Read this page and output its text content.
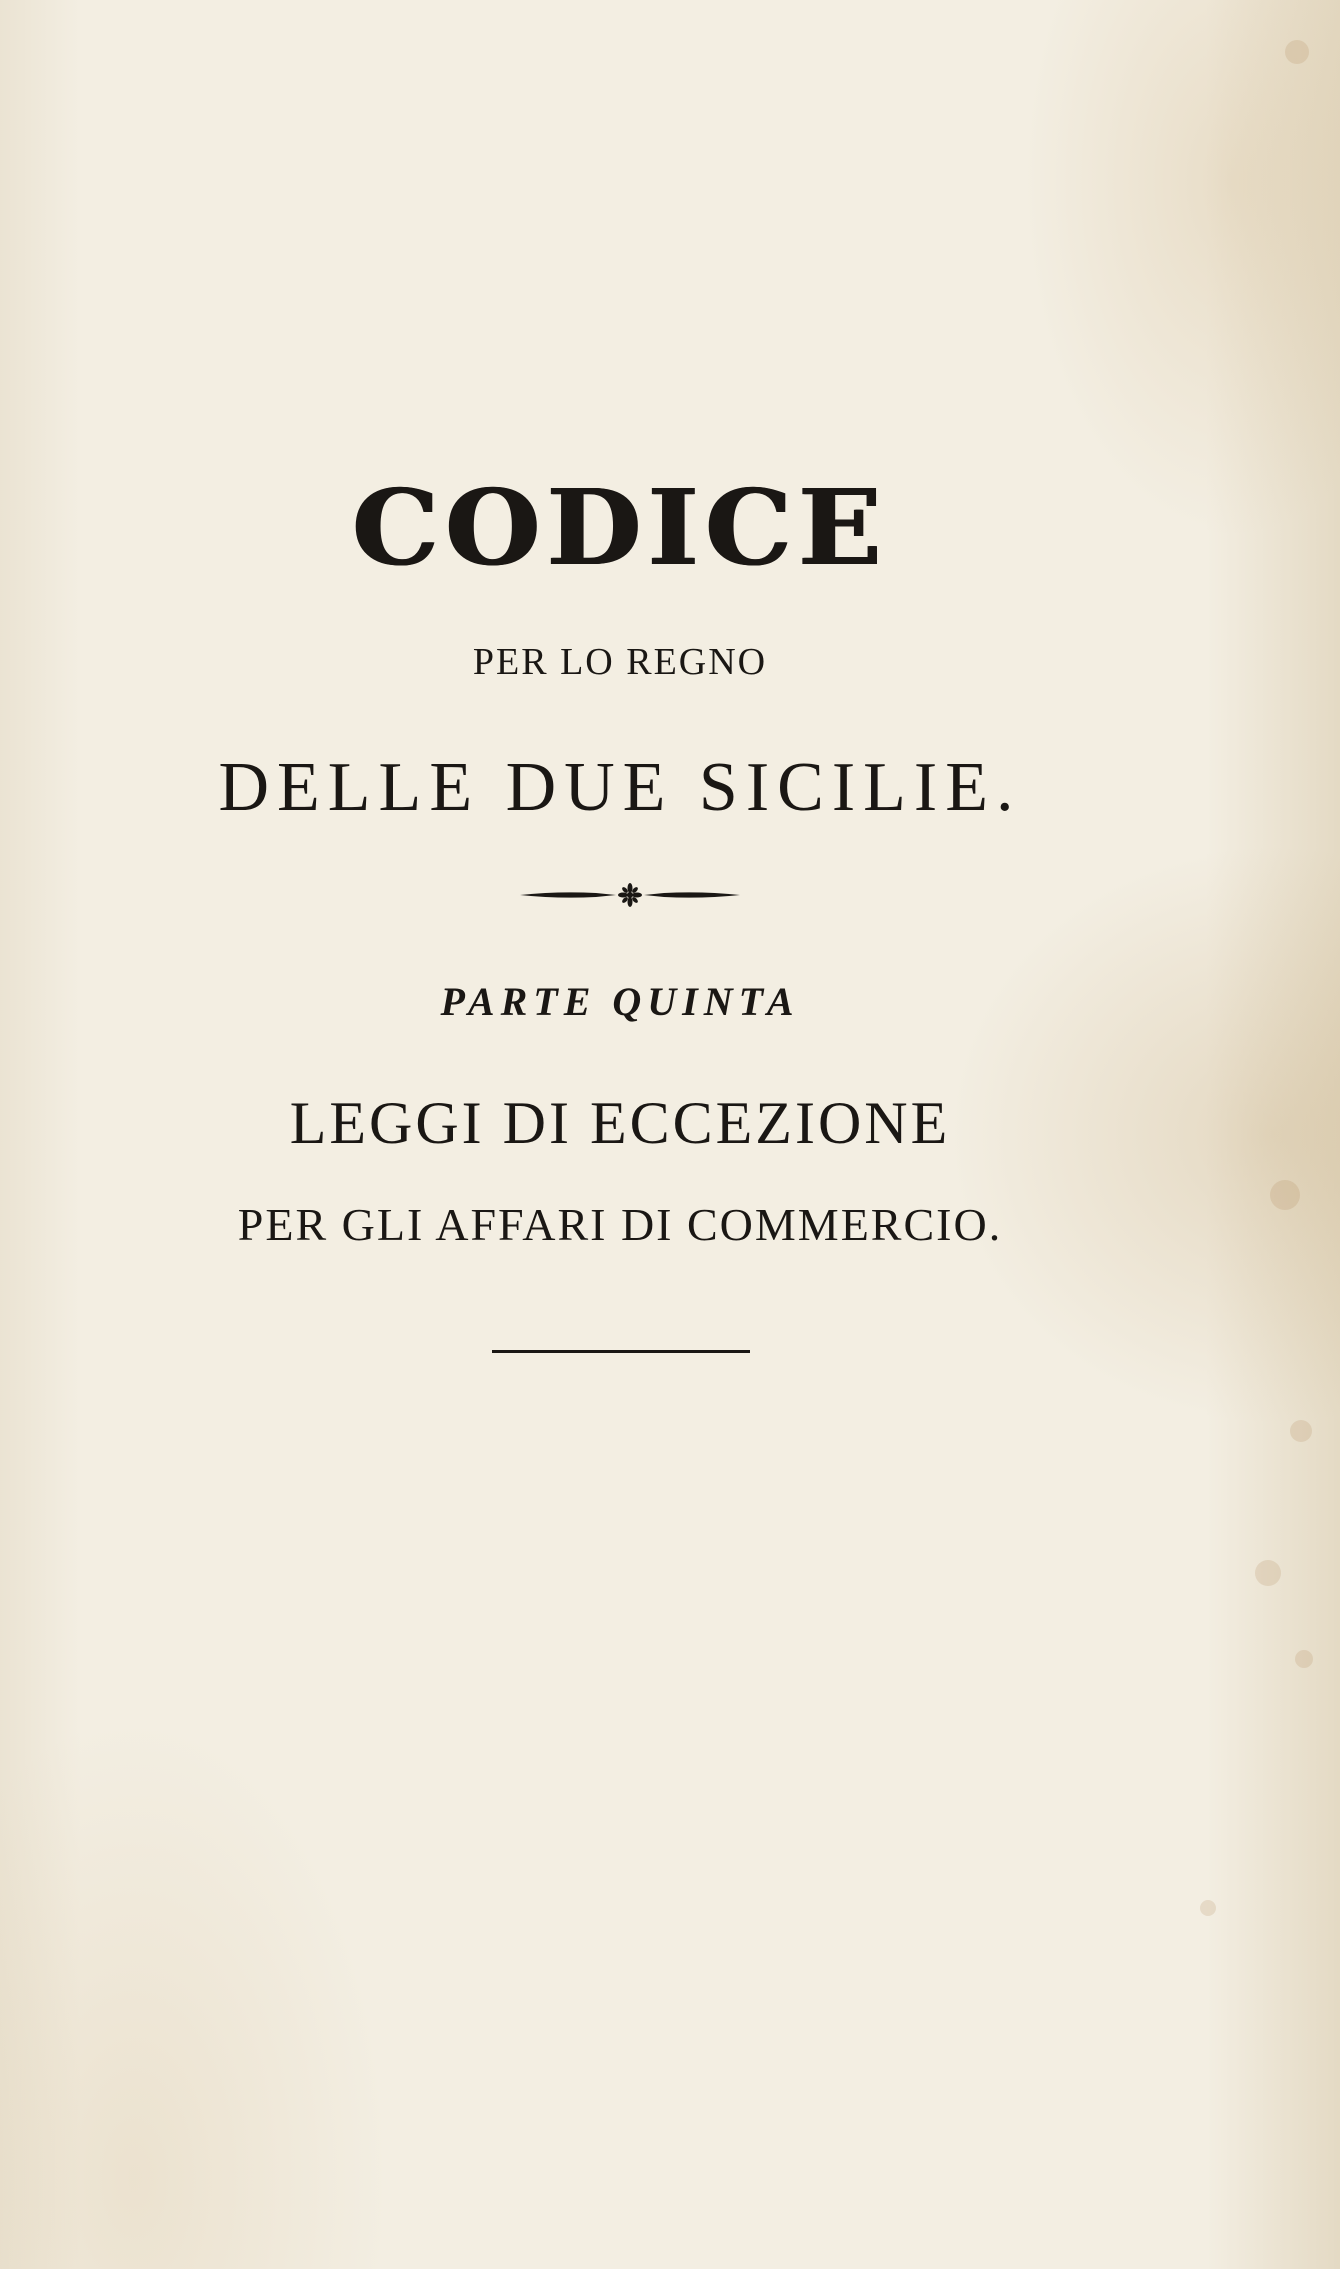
CODICE
PER LO REGNO
DELLE DUE SICILIE.
PARTE QUINTA
LEGGI DI ECCEZIONE
PER GLI AFFARI DI COMMERCIO.
